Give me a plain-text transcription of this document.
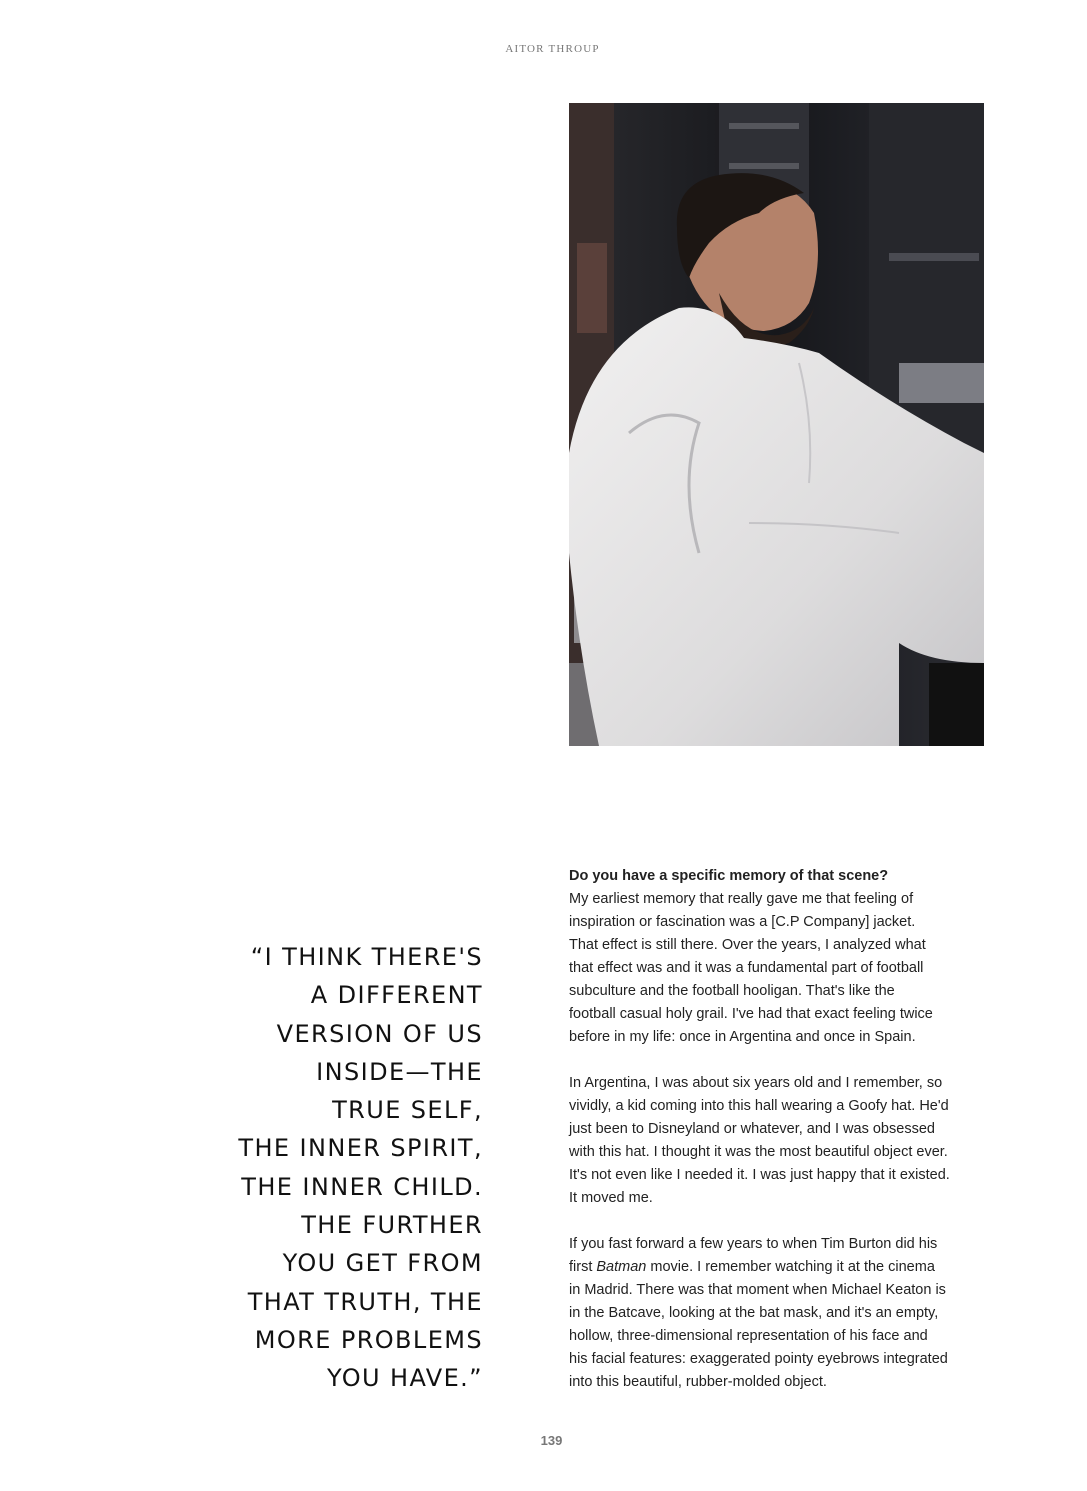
AITOR THROUP
“I THINK THERE'S
A DIFFERENT
VERSION OF US
INSIDE—THE
TRUE SELF,
THE INNER SPIRIT,
THE INNER CHILD.
THE FURTHER
YOU GET FROM
THAT TRUTH, THE
MORE PROBLEMS
YOU HAVE.”

Do you have a specific memory of that scene?
My earliest memory that really gave me that feeling of
inspiration or fascination was a [C.P Company] jacket.
That effect is still there. Over the years, I analyzed what
that effect was and it was a fundamental part of football
subculture and the football hooligan. That's like the
football casual holy grail. I've had that exact feeling twice
before in my life: once in Argentina and once in Spain.

In Argentina, I was about six years old and I remember, so
vividly, a kid coming into this hall wearing a Goofy hat. He'd
just been to Disneyland or whatever, and I was obsessed
with this hat. I thought it was the most beautiful object ever.
It's not even like I needed it. I was just happy that it existed.
It moved me.

If you fast forward a few years to when Tim Burton did his
first Batman movie. I remember watching it at the cinema
in Madrid. There was that moment when Michael Keaton is
in the Batcave, looking at the bat mask, and it's an empty,
hollow, three-dimensional representation of his face and
his facial features: exaggerated pointy eyebrows integrated
into this beautiful, rubber-molded object.

139
